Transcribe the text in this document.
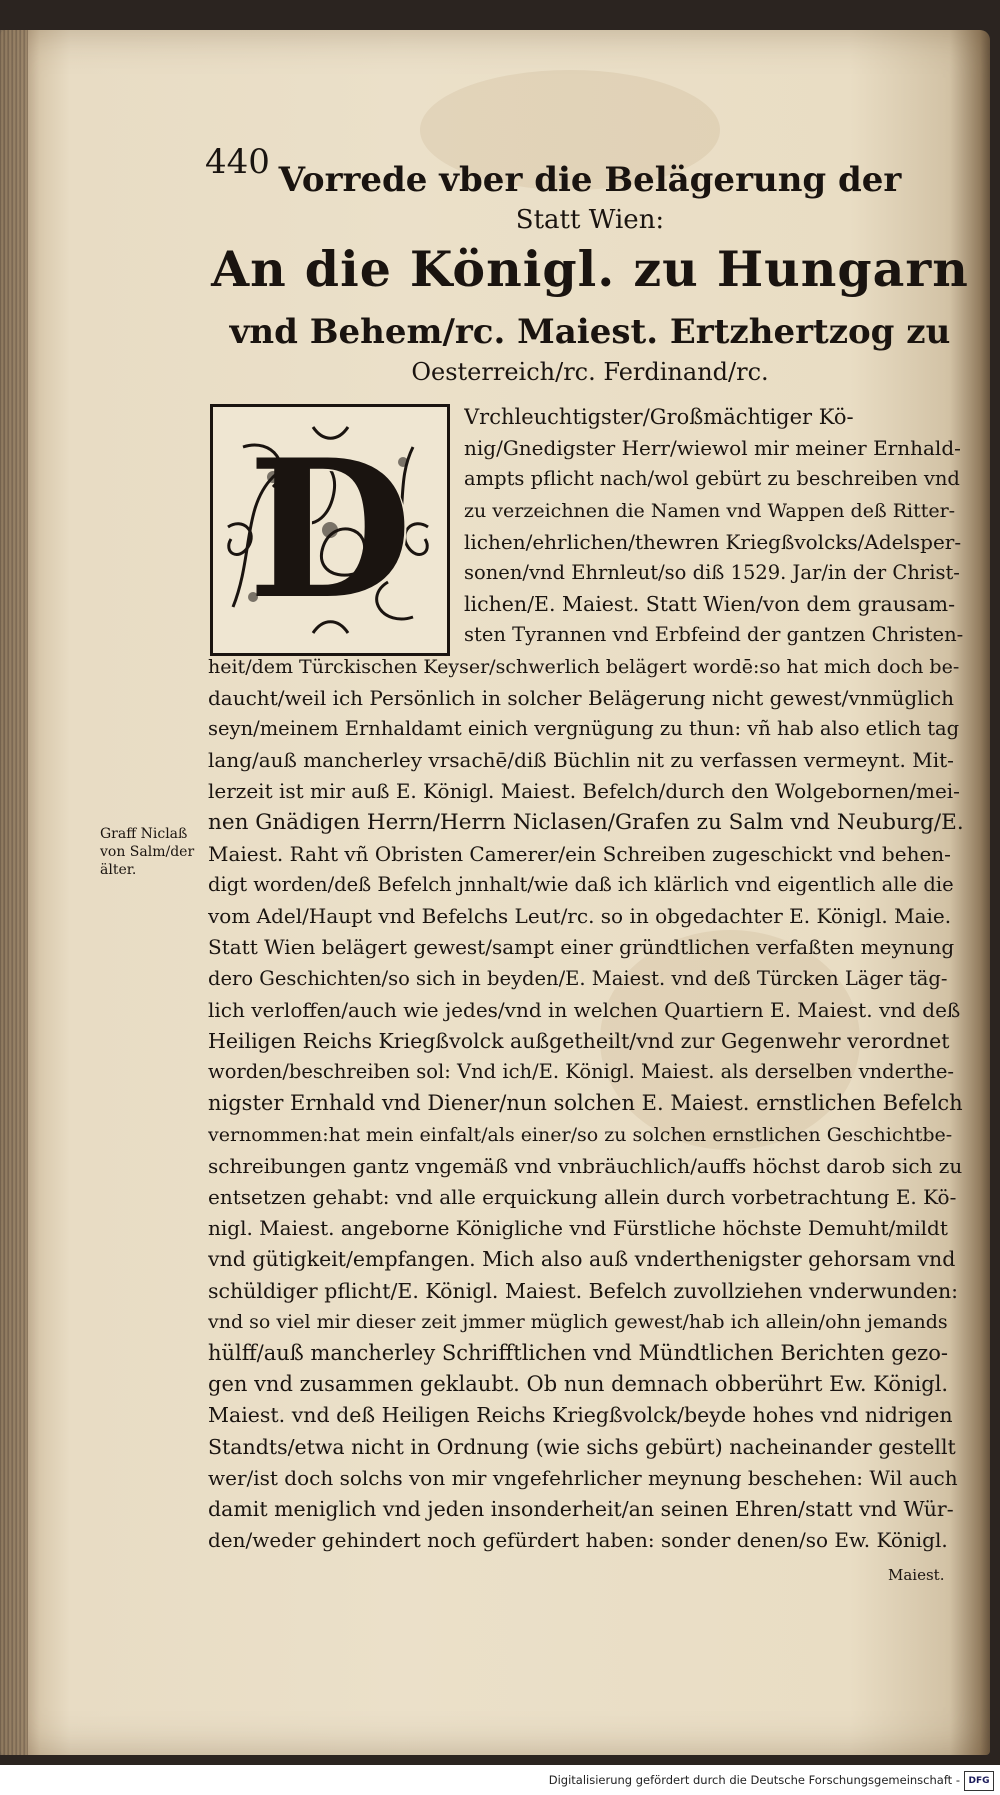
440 Vorrede vber die Belägerung der
Statt Wien:
An die Königl. zu Hungarn
vnd Behem/rc. Maiest. Ertzhertzog zu
Oesterreich/rc. Ferdinand/rc.
D
Vrchleuchtigster/Großmächtiger Kö-
nig/Gnedigster Herr/wiewol mir meiner Ernhald-
ampts pflicht nach/wol gebürt zu beschreiben vnd
zu verzeichnen die Namen vnd Wappen deß Ritter-
lichen/ehrlichen/thewren Kriegßvolcks/Adelsper-
sonen/vnd Ehrnleut/so diß 1529. Jar/in der Christ-
lichen/E. Maiest. Statt Wien/von dem grausam-
sten Tyrannen vnd Erbfeind der gantzen Christen-
heit/dem Türckischen Keyser/schwerlich belägert wordē:so hat mich doch be-
daucht/weil ich Persönlich in solcher Belägerung nicht gewest/vnmüglich
seyn/meinem Ernhaldamt einich vergnügung zu thun: vñ hab also etlich tag
lang/auß mancherley vrsachē/diß Büchlin nit zu verfassen vermeynt. Mit-
lerzeit ist mir auß E. Königl. Maiest. Befelch/durch den Wolgebornen/mei-
nen Gnädigen Herrn/Herrn Niclasen/Grafen zu Salm vnd Neuburg/E.
Maiest. Raht vñ Obristen Camerer/ein Schreiben zugeschickt vnd behen-
digt worden/deß Befelch jnnhalt/wie daß ich klärlich vnd eigentlich alle die
vom Adel/Haupt vnd Befelchs Leut/rc. so in obgedachter E. Königl. Maie.
Statt Wien belägert gewest/sampt einer gründtlichen verfaßten meynung
dero Geschichten/so sich in beyden/E. Maiest. vnd deß Türcken Läger täg-
lich verloffen/auch wie jedes/vnd in welchen Quartiern E. Maiest. vnd deß
Heiligen Reichs Kriegßvolck außgetheilt/vnd zur Gegenwehr verordnet
worden/beschreiben sol: Vnd ich/E. Königl. Maiest. als derselben vnderthe-
nigster Ernhald vnd Diener/nun solchen E. Maiest. ernstlichen Befelch
vernommen:hat mein einfalt/als einer/so zu solchen ernstlichen Geschichtbe-
schreibungen gantz vngemäß vnd vnbräuchlich/auffs höchst darob sich zu
entsetzen gehabt: vnd alle erquickung allein durch vorbetrachtung E. Kö-
nigl. Maiest. angeborne Königliche vnd Fürstliche höchste Demuht/mildt
vnd gütigkeit/empfangen. Mich also auß vnderthenigster gehorsam vnd
schüldiger pflicht/E. Königl. Maiest. Befelch zuvollziehen vnderwunden:
vnd so viel mir dieser zeit jmmer müglich gewest/hab ich allein/ohn jemands
hülff/auß mancherley Schrifftlichen vnd Mündtlichen Berichten gezo-
gen vnd zusammen geklaubt. Ob nun demnach obberührt Ew. Königl.
Maiest. vnd deß Heiligen Reichs Kriegßvolck/beyde hohes vnd nidrigen
Standts/etwa nicht in Ordnung (wie sichs gebürt) nacheinander gestellt
wer/ist doch solchs von mir vngefehrlicher meynung beschehen: Wil auch
damit meniglich vnd jeden insonderheit/an seinen Ehren/statt vnd Wür-
den/weder gehindert noch gefürdert haben: sonder denen/so Ew. Königl.
Graff Niclaß
von Salm/der
älter.
Maiest.
Digitalisierung gefördert durch die Deutsche Forschungsgemeinschaft - DFG
